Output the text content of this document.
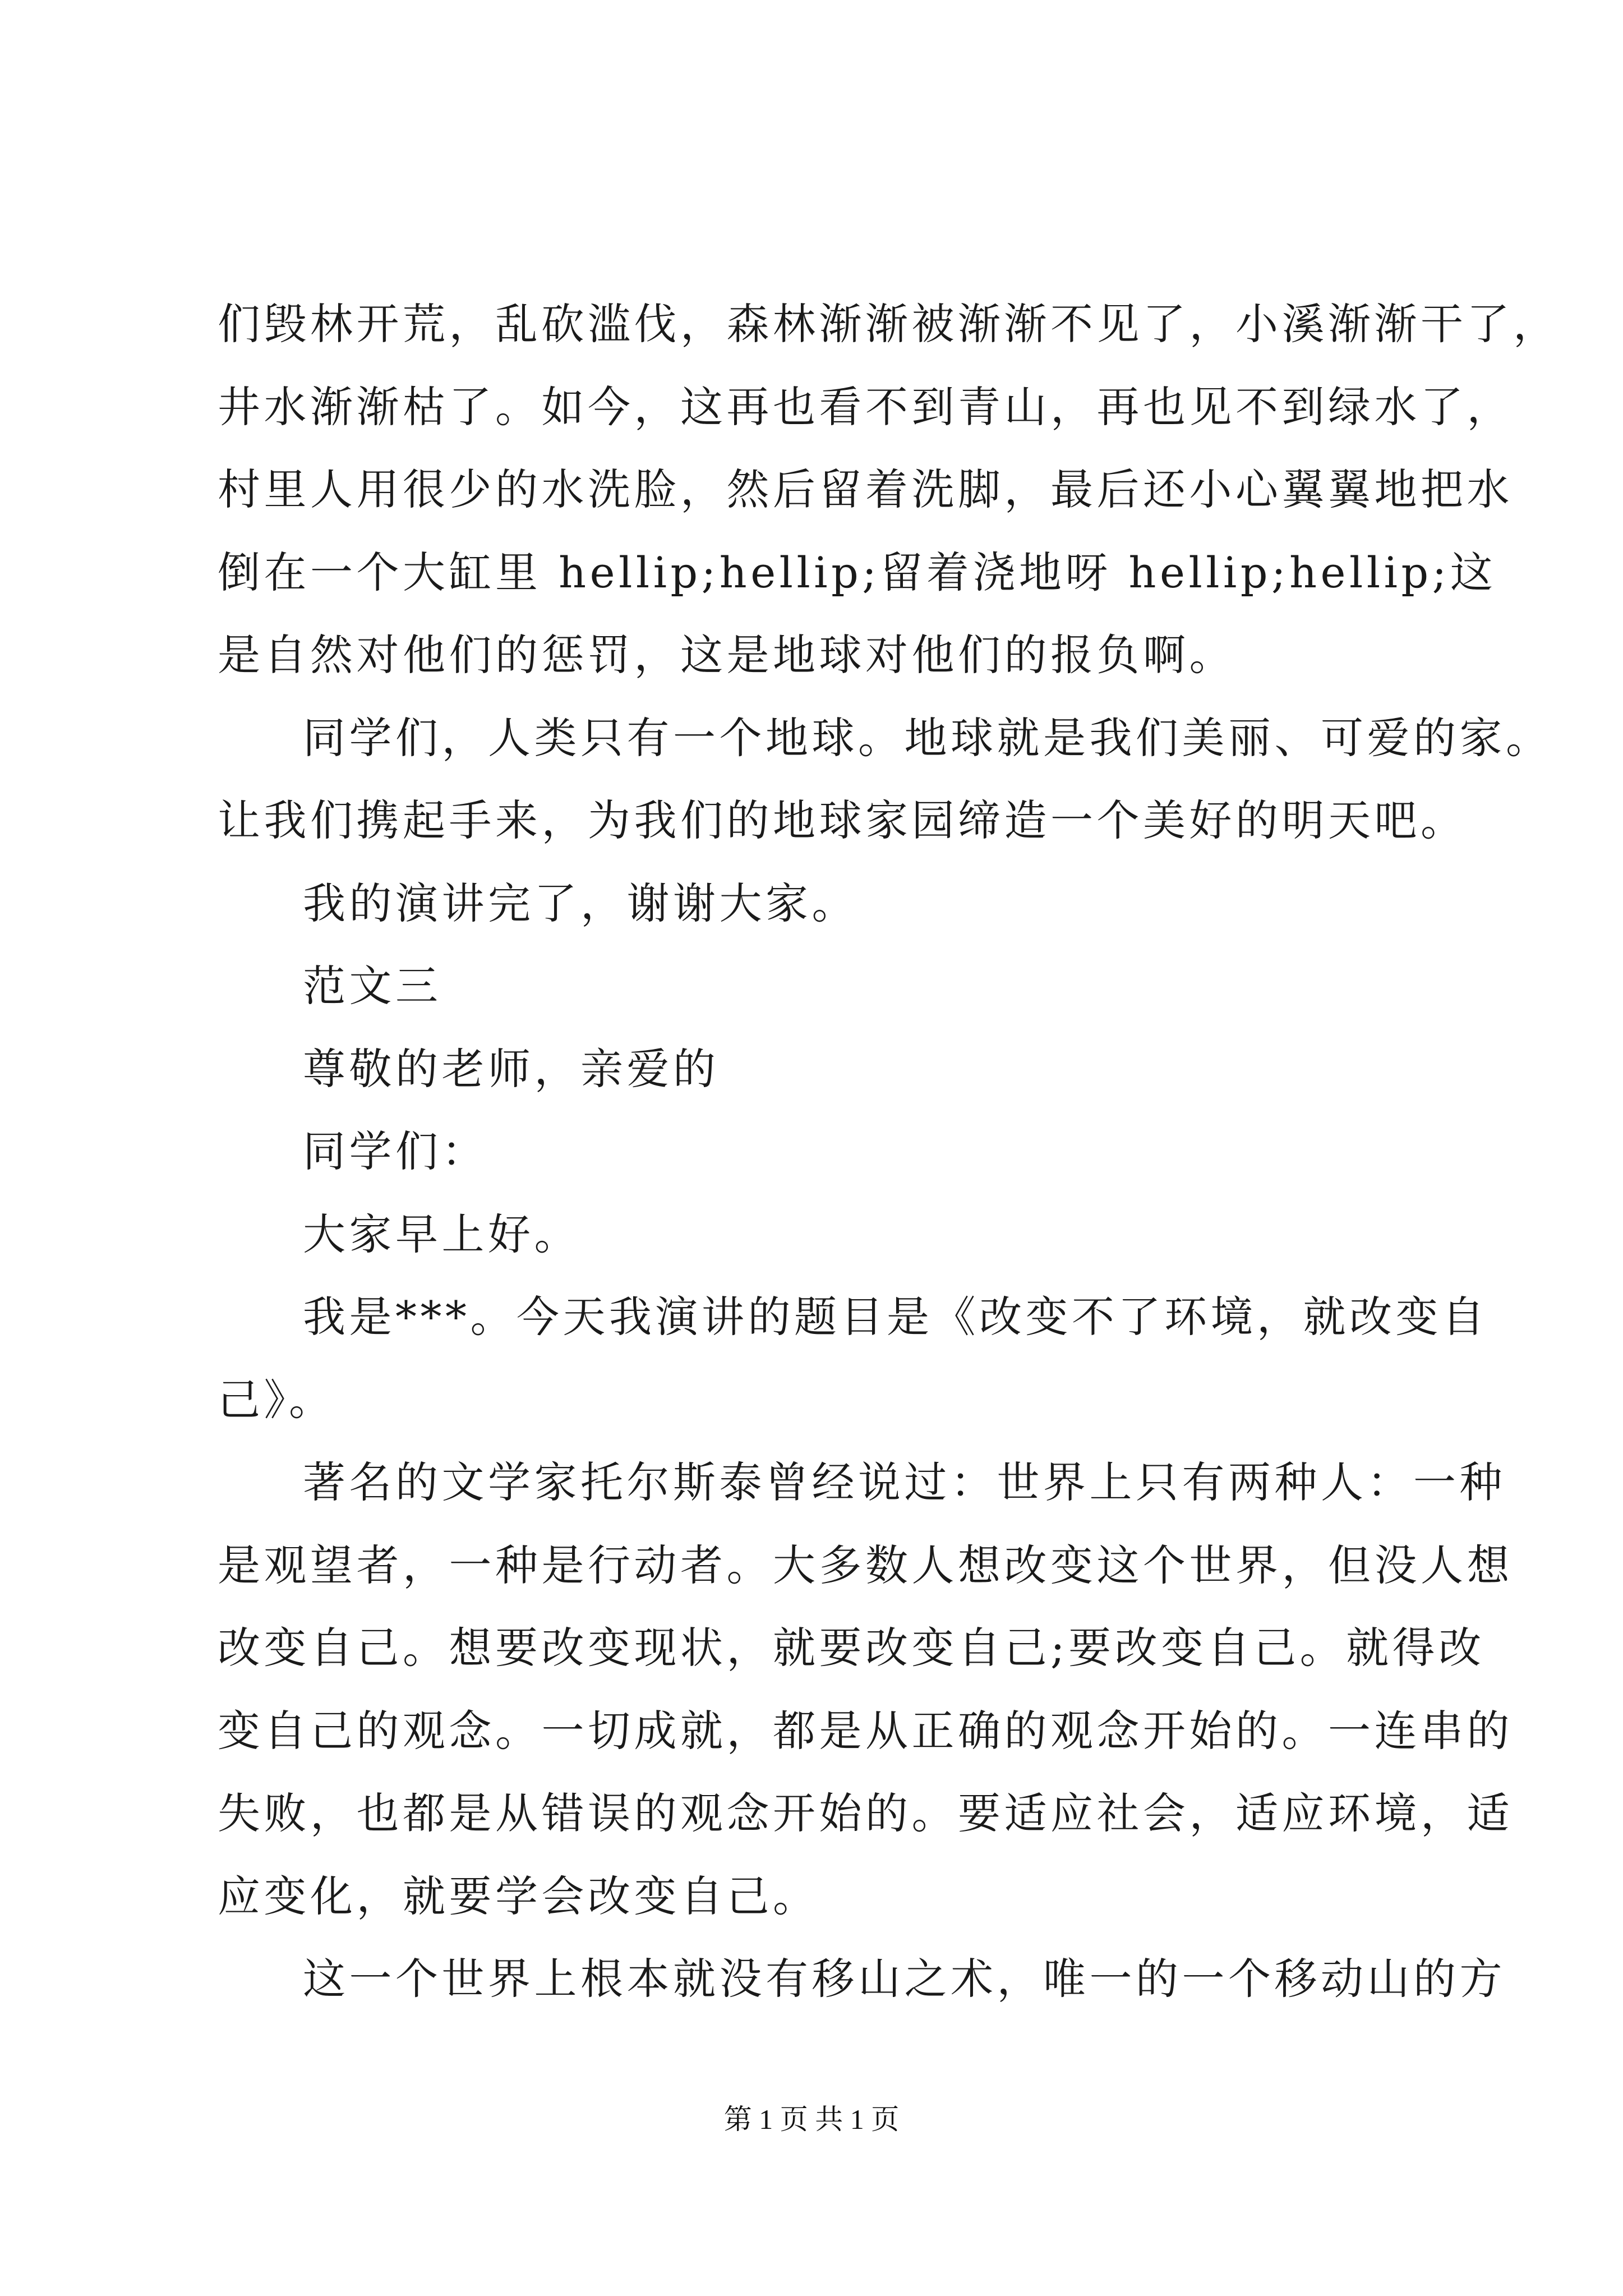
们毁林开荒，乱砍滥伐，森林渐渐被渐渐不见了，小溪渐渐干了，
井水渐渐枯了。如今，这再也看不到青山，再也见不到绿水了，
村里人用很少的水洗脸，然后留着洗脚，最后还小心翼翼地把水
倒在一个大缸里 hellip;hellip;留着浇地呀 hellip;hellip;这
是自然对他们的惩罚，这是地球对他们的报负啊。
同学们，人类只有一个地球。地球就是我们美丽、可爱的家。
让我们携起手来，为我们的地球家园缔造一个美好的明天吧。
我的演讲完了，谢谢大家。
范文三
尊敬的老师，亲爱的
同学们：
大家早上好。
我是***。今天我演讲的题目是《改变不了环境，就改变自
己》。
著名的文学家托尔斯泰曾经说过：世界上只有两种人：一种
是观望者，一种是行动者。大多数人想改变这个世界，但没人想
改变自己。想要改变现状，就要改变自己;要改变自己。就得改
变自己的观念。一切成就，都是从正确的观念开始的。一连串的
失败，也都是从错误的观念开始的。要适应社会，适应环境，适
应变化，就要学会改变自己。
这一个世界上根本就没有移山之术，唯一的一个移动山的方
第 1 页 共 1 页
